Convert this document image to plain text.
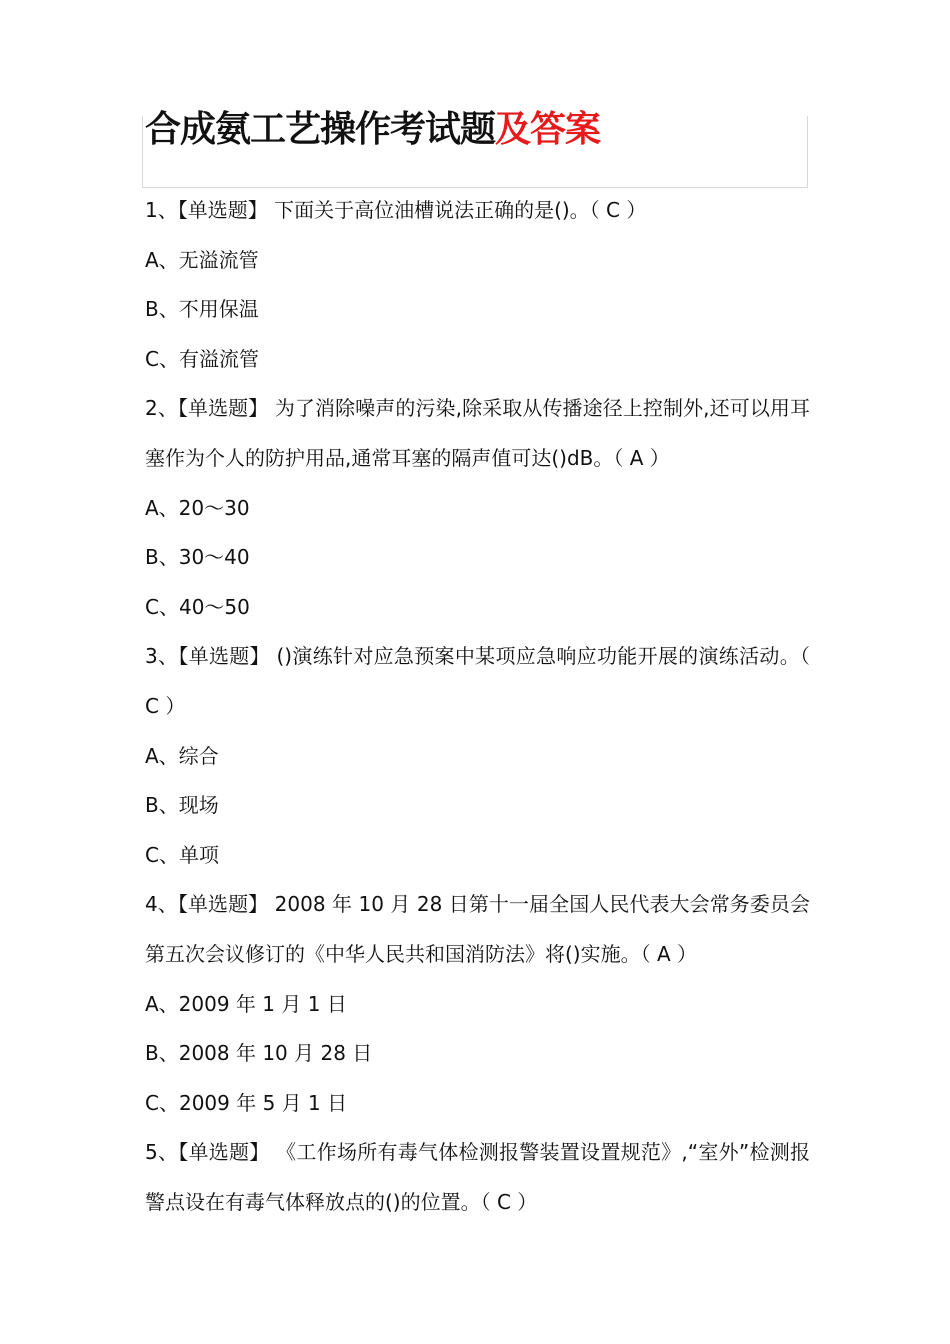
合成氨工艺操作考试题及答案

1、【单选题】 下面关于高位油槽说法正确的是()。（ C ）

A、无溢流管

B、不用保温

C、有溢流管

2、【单选题】 为了消除噪声的污染,除采取从传播途径上控制外,还可以用耳塞作为个人的防护用品,通常耳塞的隔声值可达()dB。（ A ）

A、20～30

B、30～40

C、40～50

3、【单选题】 ()演练针对应急预案中某项应急响应功能开展的演练活动。（ C ）

A、综合

B、现场

C、单项

4、【单选题】 2008 年 10 月 28 日第十一届全国人民代表大会常务委员会第五次会议修订的《中华人民共和国消防法》将()实施。（ A ）

A、2009 年 1 月 1 日

B、2008 年 10 月 28 日

C、2009 年 5 月 1 日

5、【单选题】 《工作场所有毒气体检测报警装置设置规范》,“室外”检测报警点设在有毒气体释放点的()的位置。（ C ）
